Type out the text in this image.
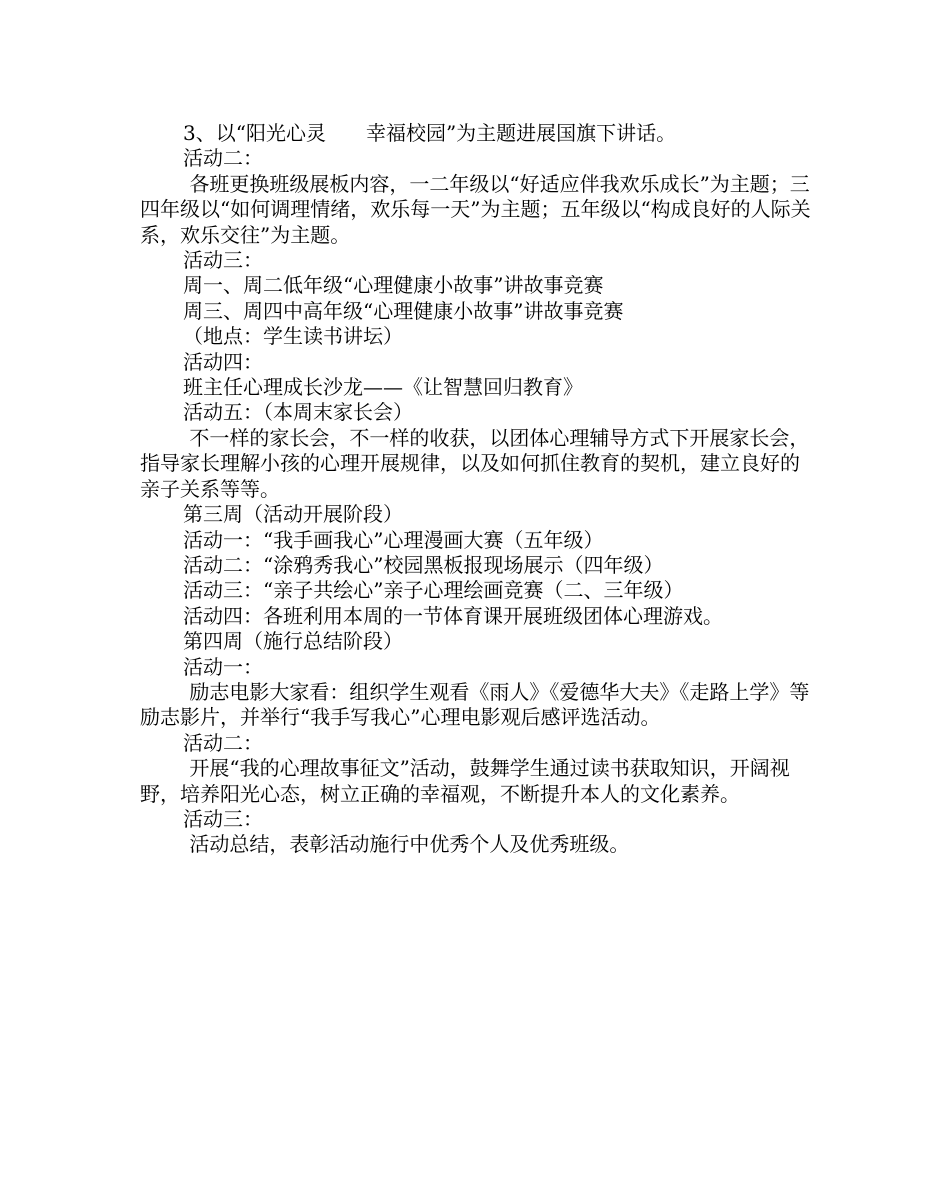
3、以“阳光心灵　　幸福校园”为主题进展国旗下讲话。

活动二：

各班更换班级展板内容，一二年级以“好适应伴我欢乐成长”为主题；三四年级以“如何调理情绪，欢乐每一天”为主题；五年级以“构成良好的人际关系，欢乐交往”为主题。

活动三：

周一、周二低年级“心理健康小故事”讲故事竞赛

周三、周四中高年级“心理健康小故事”讲故事竞赛

（地点：学生读书讲坛）

活动四：

班主任心理成长沙龙——《让智慧回归教育》

活动五：（本周末家长会）

不一样的家长会，不一样的收获，以团体心理辅导方式下开展家长会，指导家长理解小孩的心理开展规律，以及如何抓住教育的契机，建立良好的亲子关系等等。

第三周（活动开展阶段）

活动一：“我手画我心”心理漫画大赛（五年级）

活动二：“涂鸦秀我心”校园黑板报现场展示（四年级）

活动三：“亲子共绘心”亲子心理绘画竞赛（二、三年级）

活动四：各班利用本周的一节体育课开展班级团体心理游戏。

第四周（施行总结阶段）

活动一：

励志电影大家看：组织学生观看《雨人》《爱德华大夫》《走路上学》等励志影片，并举行“我手写我心”心理电影观后感评选活动。

活动二：

开展“我的心理故事征文”活动，鼓舞学生通过读书获取知识，开阔视野，培养阳光心态，树立正确的幸福观，不断提升本人的文化素养。

活动三：

活动总结，表彰活动施行中优秀个人及优秀班级。
